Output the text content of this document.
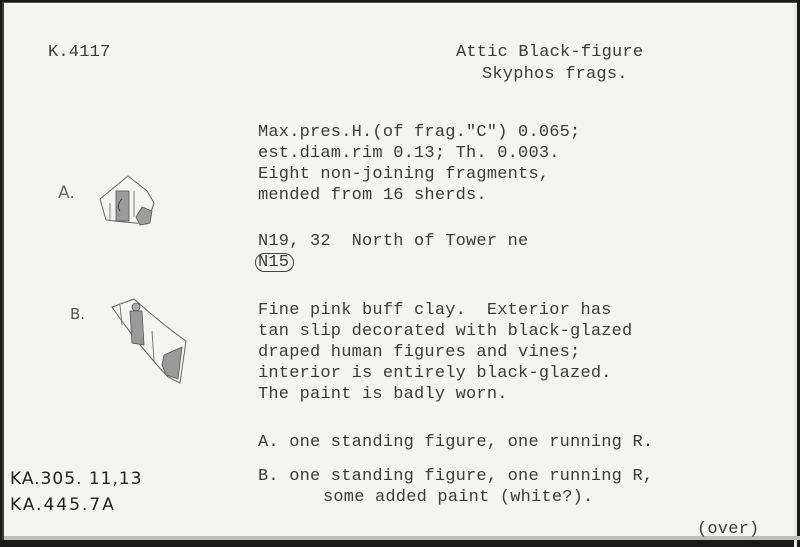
K.4117	Attic Black-figure
Skyphos frags.
Max.pres.H.(of frag."C") 0.065;
est.diam.rim 0.13; Th. 0.003.
Eight non-joining fragments,
mended from 16 sherds.
N19, 32  North of Tower ne
N15
Fine pink buff clay.  Exterior has
tan slip decorated with black-glazed
draped human figures and vines;
interior is entirely black-glazed.
The paint is badly worn.
A. one standing figure, one running R.
B. one standing figure, one running R,
some added paint (white?).
(over)
KA.305. 11,13
KA.445.7A
A.
B.
